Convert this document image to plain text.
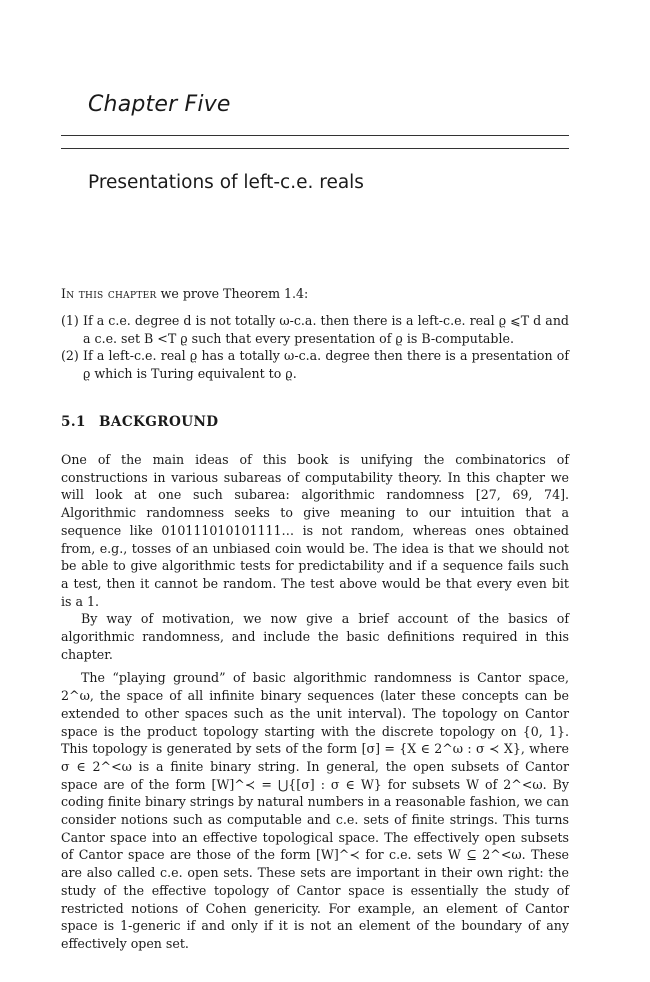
Chapter Five
Presentations of left-c.e. reals
In this chapter we prove Theorem 1.4:
(1) If a c.e. degree d is not totally ω-c.a. then there is a left-c.e. real ϱ ⩽T d and a c.e. set B <T ϱ such that every presentation of ϱ is B-computable.
(2) If a left-c.e. real ϱ has a totally ω-c.a. degree then there is a presentation of ϱ which is Turing equivalent to ϱ.
5.1 BACKGROUND

One of the main ideas of this book is unifying the combinatorics of constructions in various subareas of computability theory. In this chapter we will look at one such subarea: algorithmic randomness [27, 69, 74]. Algorithmic randomness seeks to give meaning to our intuition that a sequence like 010111010101111… is not random, whereas ones obtained from, e.g., tosses of an unbiased coin would be. The idea is that we should not be able to give algorithmic tests for predictability and if a sequence fails such a test, then it cannot be random. The test above would be that every even bit is a 1.

By way of motivation, we now give a brief account of the basics of algorithmic randomness, and include the basic definitions required in this chapter.

The “playing ground” of basic algorithmic randomness is Cantor space, 2^ω, the space of all infinite binary sequences (later these concepts can be extended to other spaces such as the unit interval). The topology on Cantor space is the product topology starting with the discrete topology on {0, 1}. This topology is generated by sets of the form [σ] = {X ∈ 2^ω : σ ≺ X}, where σ ∈ 2^<ω is a finite binary string. In general, the open subsets of Cantor space are of the form [W]^≺ = ⋃{[σ] : σ ∈ W} for subsets W of 2^<ω. By coding finite binary strings by natural numbers in a reasonable fashion, we can consider notions such as computable and c.e. sets of finite strings. This turns Cantor space into an effective topological space. The effectively open subsets of Cantor space are those of the form [W]^≺ for c.e. sets W ⊆ 2^<ω. These are also called c.e. open sets. These sets are important in their own right: the study of the effective topology of Cantor space is essentially the study of restricted notions of Cohen genericity. For example, an element of Cantor space is 1-generic if and only if it is not an element of the boundary of any effectively open set.
